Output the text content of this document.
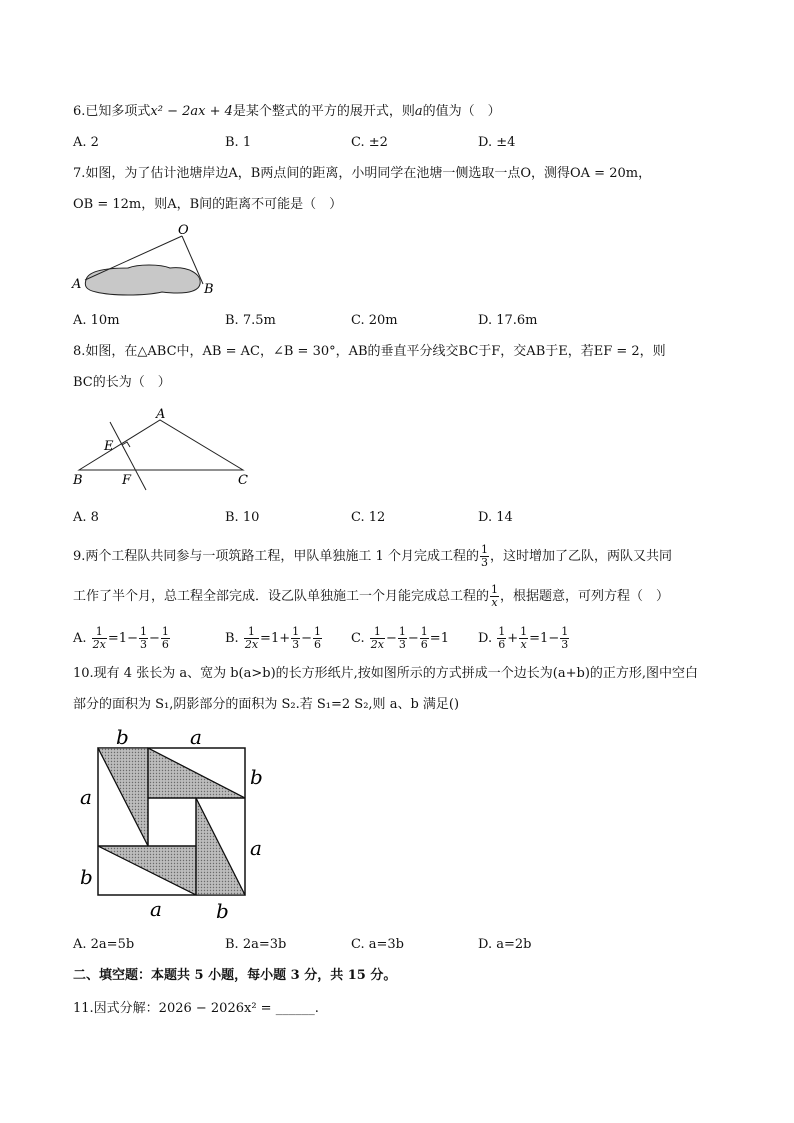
6.已知多项式x² − 2ax + 4是某个整式的平方的展开式，则a的值为（　）
A. 2	B. 1	C. ±2	D. ±4
7.如图，为了估计池塘岸边A，B两点间的距离，小明同学在池塘一侧选取一点O，测得OA = 20m，
OB = 12m，则A，B间的距离不可能是（　）
O
A	B
A. 10m	B. 7.5m	C. 20m	D. 17.6m
8.如图，在△ABC中，AB = AC，∠B = 30°，AB的垂直平分线交BC于F，交AB于E，若EF = 2，则
BC的长为（　）
A
E
B	F	C
A. 8	B. 10	C. 12	D. 14
9.两个工程队共同参与一项筑路工程，甲队单独施工 1 个月完成工程的 $\frac{1}{3}$ ，这时增加了乙队，两队又共同
工作了半个月，总工程全部完成．设乙队单独施工一个月能完成总工程的 $\frac{1}{x}$ ，根据题意，可列方程（　）
A. $\frac{1}{2x} =1- \frac{1}{3} - \frac{1}{6}$	B. $\frac{1}{2x} =1+ \frac{1}{3} - \frac{1}{6} C$. $\frac{1}{2x} - \frac{1}{3} - \frac{1}{6} =1$ D. $\frac{1}{6} + \frac{1}{x} =1- \frac{1}{3}$
10.现有 4 张长为 a、宽为 b(a>b)的长方形纸片,按如图所示的方式拼成一个边长为(a+b)的正方形,图中空白
部分的面积为 S₁,阴影部分的面积为 S₂.若 S₁=2 S₂,则 a、b 满足()
b	a
b
a
a
b
a	b
A. 2a=5b	B. 2a=3b	C. a=3b	D. a=2b
二、填空题：本题共 5 小题，每小题 3 分，共 15 分。
11.因式分解：2026 − 2026x² = ______.
